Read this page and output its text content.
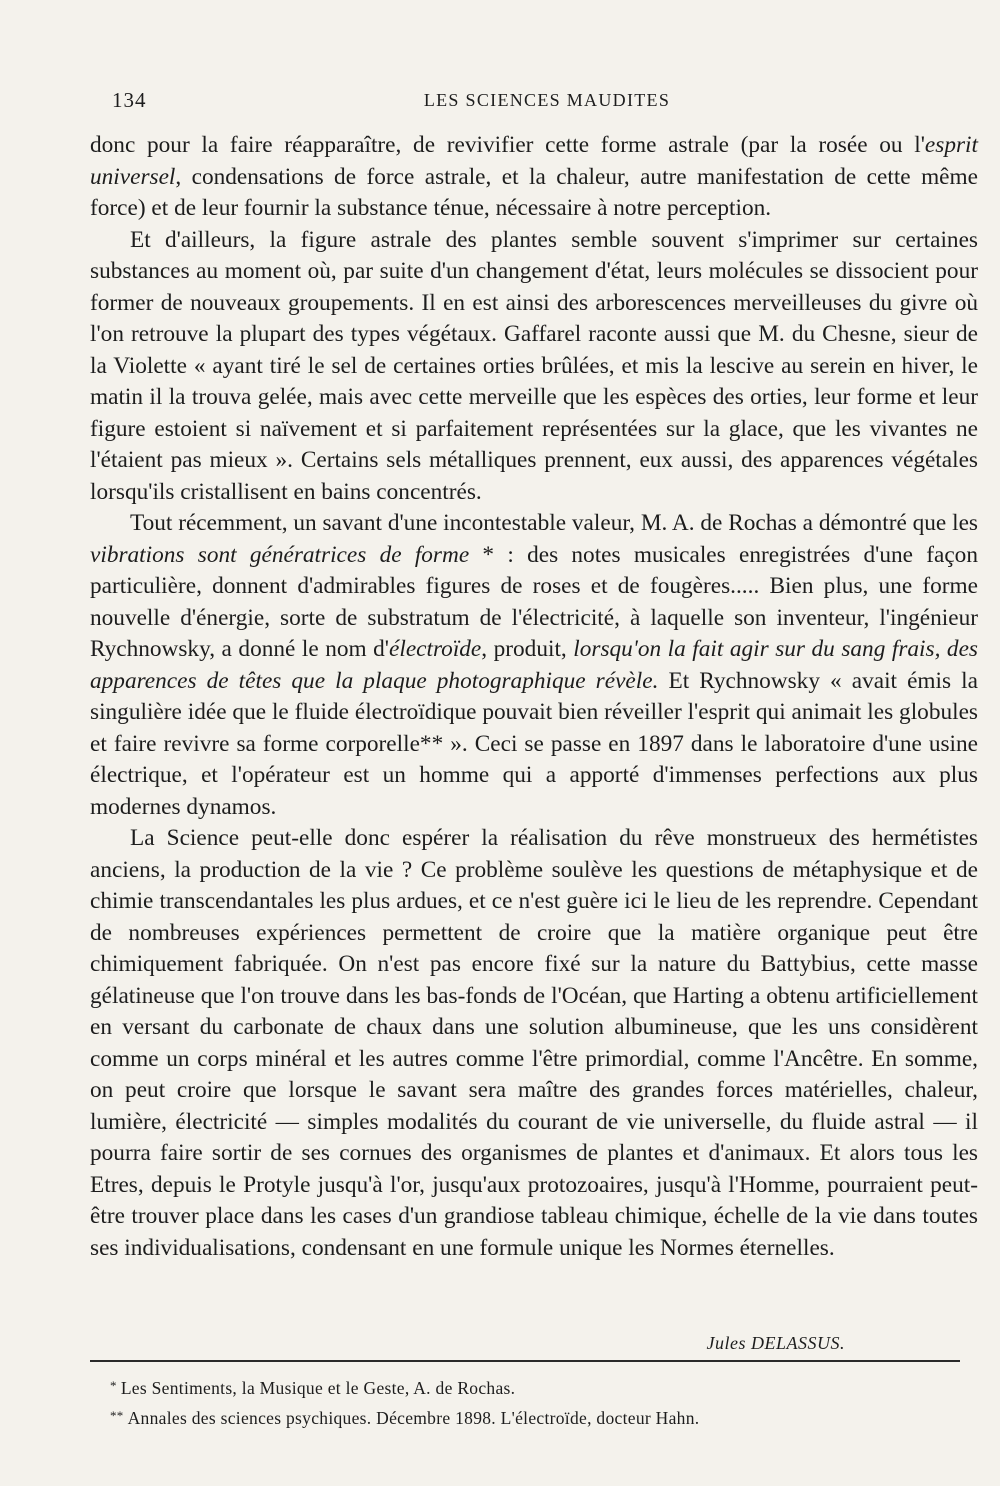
134	LES SCIENCES MAUDITES

donc pour la faire réapparaître, de revivifier cette forme astrale (par la rosée ou l'esprit universel, condensations de force astrale, et la chaleur, autre manifestation de cette même force) et de leur fournir la substance ténue, nécessaire à notre perception.

Et d'ailleurs, la figure astrale des plantes semble souvent s'imprimer sur certaines substances au moment où, par suite d'un changement d'état, leurs molécules se dissocient pour former de nouveaux groupements. Il en est ainsi des arborescences merveilleuses du givre où l'on retrouve la plupart des types végétaux. Gaffarel raconte aussi que M. du Chesne, sieur de la Violette « ayant tiré le sel de certaines orties brûlées, et mis la lescive au serein en hiver, le matin il la trouva gelée, mais avec cette merveille que les espèces des orties, leur forme et leur figure estoient si naïvement et si parfaitement représentées sur la glace, que les vivantes ne l'étaient pas mieux ». Certains sels métalliques prennent, eux aussi, des apparences végétales lorsqu'ils cristallisent en bains concentrés.

Tout récemment, un savant d'une incontestable valeur, M. A. de Rochas a démontré que les vibrations sont génératrices de forme * : des notes musicales enregistrées d'une façon particulière, donnent d'admirables figures de roses et de fougères..... Bien plus, une forme nouvelle d'énergie, sorte de substratum de l'électricité, à laquelle son inventeur, l'ingénieur Rychnowsky, a donné le nom d'électroïde, produit, lorsqu'on la fait agir sur du sang frais, des apparences de têtes que la plaque photographique révèle. Et Rychnowsky « avait émis la singulière idée que le fluide électroïdique pouvait bien réveiller l'esprit qui animait les globules et faire revivre sa forme corporelle** ». Ceci se passe en 1897 dans le laboratoire d'une usine électrique, et l'opérateur est un homme qui a apporté d'immenses perfections aux plus modernes dynamos.

La Science peut-elle donc espérer la réalisation du rêve monstrueux des hermétistes anciens, la production de la vie ? Ce problème soulève les questions de métaphysique et de chimie transcendantales les plus ardues, et ce n'est guère ici le lieu de les reprendre. Cependant de nombreuses expériences permettent de croire que la matière organique peut être chimiquement fabriquée. On n'est pas encore fixé sur la nature du Battybius, cette masse gélatineuse que l'on trouve dans les bas-fonds de l'Océan, que Harting a obtenu artificiellement en versant du carbonate de chaux dans une solution albumineuse, que les uns considèrent comme un corps minéral et les autres comme l'être primordial, comme l'Ancêtre. En somme, on peut croire que lorsque le savant sera maître des grandes forces matérielles, chaleur, lumière, électricité — simples modalités du courant de vie universelle, du fluide astral — il pourra faire sortir de ses cornues des organismes de plantes et d'animaux. Et alors tous les Etres, depuis le Protyle jusqu'à l'or, jusqu'aux protozoaires, jusqu'à l'Homme, pourraient peut-être trouver place dans les cases d'un grandiose tableau chimique, échelle de la vie dans toutes ses individualisations, condensant en une formule unique les Normes éternelles.

Jules DELASSUS.

* Les Sentiments, la Musique et le Geste, A. de Rochas.

** Annales des sciences psychiques. Décembre 1898. L'électroïde, docteur Hahn.
